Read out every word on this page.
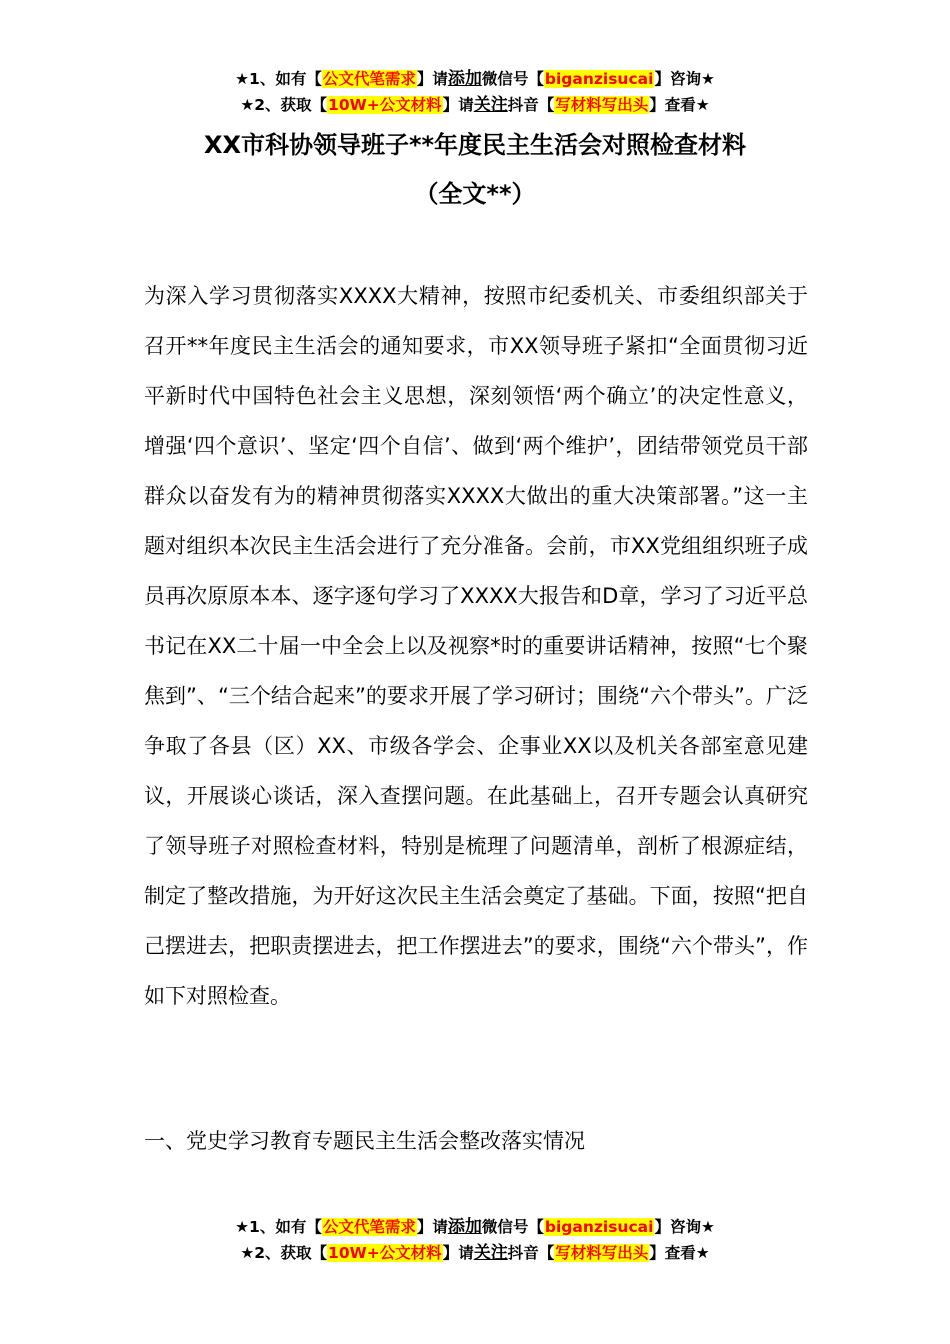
★1、如有【公文代笔需求】请添加微信号【biganzisucai】咨询★
★2、获取【10W+公文材料】请关注抖音【写材料写出头】查看★
XX市科协领导班子**年度民主生活会对照检查材料
（全文**）

为深入学习贯彻落实XXXX大精神，按照市纪委机关、市委组织部关于召开**年度民主生活会的通知要求，市XX领导班子紧扣“全面贯彻习近平新时代中国特色社会主义思想，深刻领悟‘两个确立’的决定性意义，增强‘四个意识’、坚定‘四个自信’、做到‘两个维护’，团结带领党员干部群众以奋发有为的精神贯彻落实XXXX大做出的重大决策部署。”这一主题对组织本次民主生活会进行了充分准备。会前，市XX党组组织班子成员再次原原本本、逐字逐句学习了XXXX大报告和D章，学习了习近平总书记在XX二十届一中全会上以及视察*时的重要讲话精神，按照“七个聚焦到”、“三个结合起来”的要求开展了学习研讨；围绕“六个带头”。广泛争取了各县（区）XX、市级各学会、企事业XX以及机关各部室意见建议，开展谈心谈话，深入查摆问题。在此基础上，召开专题会认真研究了领导班子对照检查材料，特别是梳理了问题清单，剖析了根源症结，制定了整改措施，为开好这次民主生活会奠定了基础。下面，按照“把自己摆进去，把职责摆进去，把工作摆进去”的要求，围绕“六个带头”，作如下对照检查。

一、党史学习教育专题民主生活会整改落实情况
★1、如有【公文代笔需求】请添加微信号【biganzisucai】咨询★
★2、获取【10W+公文材料】请关注抖音【写材料写出头】查看★
